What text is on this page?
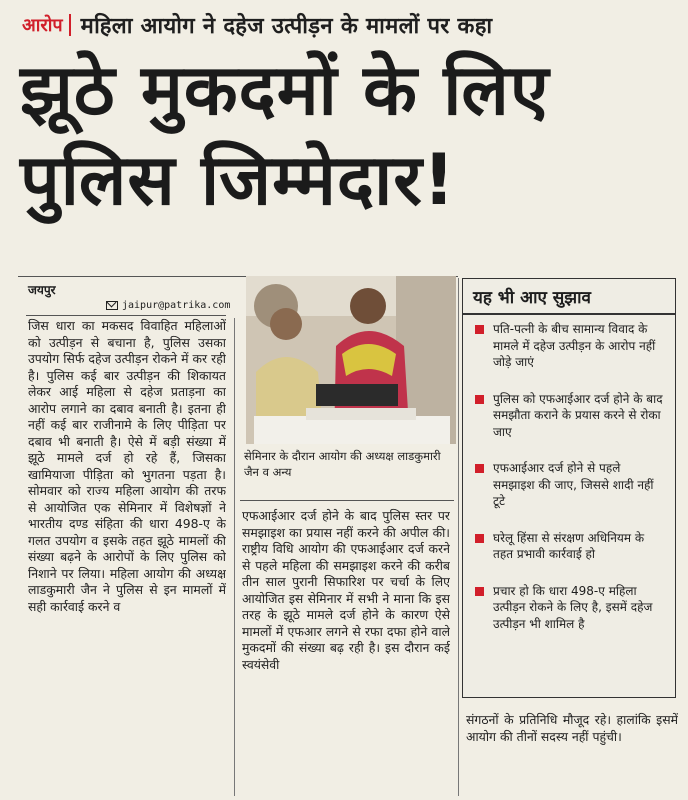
आरोप महिला आयोग ने दहेज उत्पीड़न के मामलों पर कहा
झूठे मुकदमों के लिए
पुलिस जिम्मेदार!
जयपुर
jaipur@patrika.com

जिस धारा का मकसद विवाहित महिलाओं को उत्पीड़न से बचाना है, पुलिस उसका उपयोग सिर्फ दहेज उत्पीड़न रोकने में कर रही है। पुलिस कई बार उत्पीड़न की शिकायत लेकर आई महिला से दहेज प्रताड़ना का आरोप लगाने का दबाव बनाती है। इतना ही नहीं कई बार राजीनामे के लिए पीड़िता पर दबाव भी बनाती है। ऐसे में बड़ी संख्या में झूठे मामले दर्ज हो रहे हैं, जिसका खामियाजा पीड़िता को भुगतना पड़ता है। सोमवार को राज्य महिला आयोग की तरफ से आयोजित एक सेमिनार में विशेषज्ञों ने भारतीय दण्ड संहिता की धारा 498-ए के गलत उपयोग व इसके तहत झूठे मामलों की संख्या बढ़ने के आरोपों के लिए पुलिस को निशाने पर लिया। महिला आयोग की अध्यक्ष लाडकुमारी जैन ने पुलिस से इन मामलों में सही कार्रवाई करने व

सेमिनार के दौरान आयोग की अध्यक्ष लाडकुमारी जैन व अन्य

एफआईआर दर्ज होने के बाद पुलिस स्तर पर समझाइश का प्रयास नहीं करने की अपील की। राष्ट्रीय विधि आयोग की एफआईआर दर्ज करने से पहले महिला की समझाइश करने की करीब तीन साल पुरानी सिफारिश पर चर्चा के लिए आयोजित इस सेमिनार में सभी ने माना कि इस तरह के झूठे मामले दर्ज होने के कारण ऐसे मामलों में एफआर लगने से रफा दफा होने वाले मुकदमों की संख्या बढ़ रही है। इस दौरान कई स्वयंसेवी

यह भी आए सुझाव
पति-पत्नी के बीच सामान्य विवाद के मामले में दहेज उत्पीड़न के आरोप नहीं जोड़े जाएं
पुलिस को एफआईआर दर्ज होने के बाद समझौता कराने के प्रयास करने से रोका जाए
एफआईआर दर्ज होने से पहले समझाइश की जाए, जिससे शादी नहीं टूटे
घरेलू हिंसा से संरक्षण अधिनियम के तहत प्रभावी कार्रवाई हो
प्रचार हो कि धारा 498-ए महिला उत्पीड़न रोकने के लिए है, इसमें दहेज उत्पीड़न भी शामिल है

संगठनों के प्रतिनिधि मौजूद रहे। हालांकि इसमें आयोग की तीनों सदस्य नहीं पहुंची।
